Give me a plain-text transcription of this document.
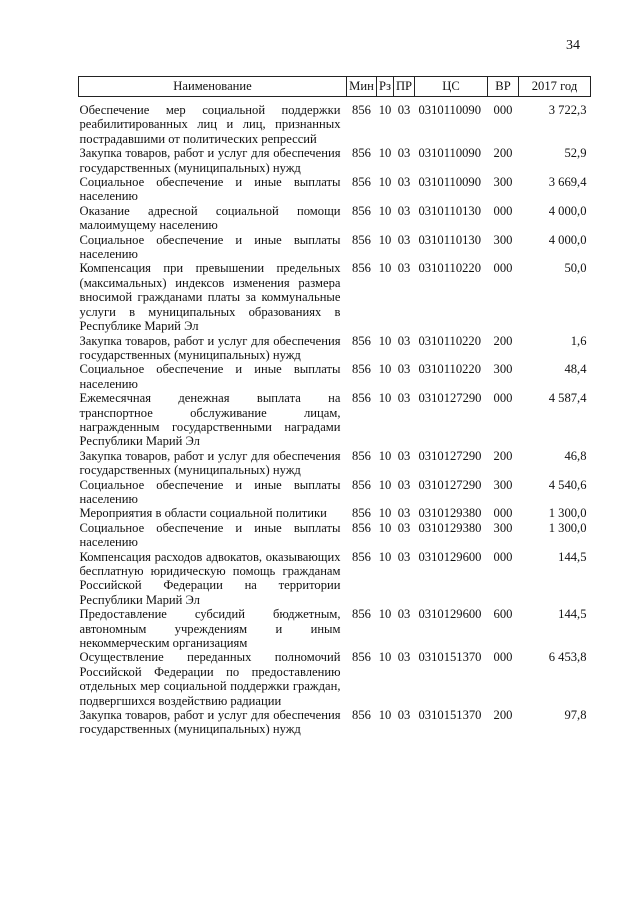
34
Наименование	Мин	Рз	ПР	ЦС	ВР	2017 год
Обеспечение мер социальной поддержки реабилитированных лиц и лиц, признанных пострадавшими от политических репрессий	856	10	03	0310110090	000	3 722,3
Закупка товаров, работ и услуг для обеспечения государственных (муниципальных) нужд	856	10	03	0310110090	200	52,9
Социальное обеспечение и иные выплаты населению	856	10	03	0310110090	300	3 669,4
Оказание адресной социальной помощи малоимущему населению	856	10	03	0310110130	000	4 000,0
Социальное обеспечение и иные выплаты населению	856	10	03	0310110130	300	4 000,0
Компенсация при превышении предельных (максимальных) индексов изменения размера вносимой гражданами платы за коммунальные услуги в муниципальных образованиях в Республике Марий Эл	856	10	03	0310110220	000	50,0
Закупка товаров, работ и услуг для обеспечения государственных (муниципальных) нужд	856	10	03	0310110220	200	1,6
Социальное обеспечение и иные выплаты населению	856	10	03	0310110220	300	48,4
Ежемесячная денежная выплата на транспортное обслуживание лицам, награжденным государственными наградами Республики Марий Эл	856	10	03	0310127290	000	4 587,4
Закупка товаров, работ и услуг для обеспечения государственных (муниципальных) нужд	856	10	03	0310127290	200	46,8
Социальное обеспечение и иные выплаты населению	856	10	03	0310127290	300	4 540,6
Мероприятия в области социальной политики	856	10	03	0310129380	000	1 300,0
Социальное обеспечение и иные выплаты населению	856	10	03	0310129380	300	1 300,0
Компенсация расходов адвокатов, оказывающих бесплатную юридическую помощь гражданам Российской Федерации на территории Республики Марий Эл	856	10	03	0310129600	000	144,5
Предоставление субсидий бюджетным, автономным учреждениям и иным некоммерческим организациям	856	10	03	0310129600	600	144,5
Осуществление переданных полномочий Российской Федерации по предоставлению отдельных мер социальной поддержки граждан, подвергшихся воздействию радиации	856	10	03	0310151370	000	6 453,8
Закупка товаров, работ и услуг для обеспечения государственных (муниципальных) нужд	856	10	03	0310151370	200	97,8
